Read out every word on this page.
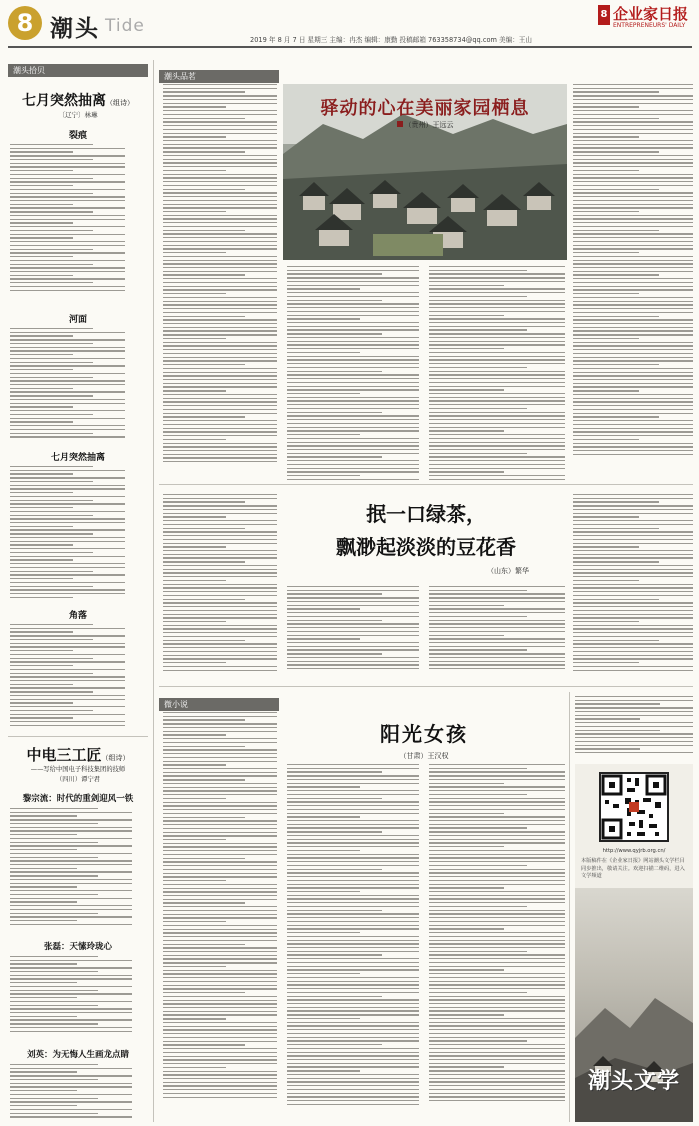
8 潮头 Tide
2019 年 8 月 7 日 星期三 主编：冉杰 编辑：康勤 投稿邮箱 763358734@qq.com 美编：王山
8 企业家日报
ENTREPRENEURS' DAILY
潮头拾贝
七月突然抽离（组诗）
〔辽宁〕林琳
裂痕
河面
七月突然抽离
角落
中电三工匠（组诗）
——写给中国电子科技集团的技师
（四川）谭宁君
黎宗流：时代的重剑迎风一铁
张磊：天愫玲珑心
刘英：为无悔人生画龙点睛
潮头品茗
驿动的心在美丽家园栖息
（贵州）王远云
抿一口绿茶，
飘渺起淡淡的豆花香
（山东）繁华
微小说
阳光女孩
（甘肃）王汉权
http://www.qyjrb.org.cn/
本版稿件在《企业家日报》网站潮头文学栏目同步推出，敬请关注。欢迎扫描二维码，进入文学频道
潮头文学
